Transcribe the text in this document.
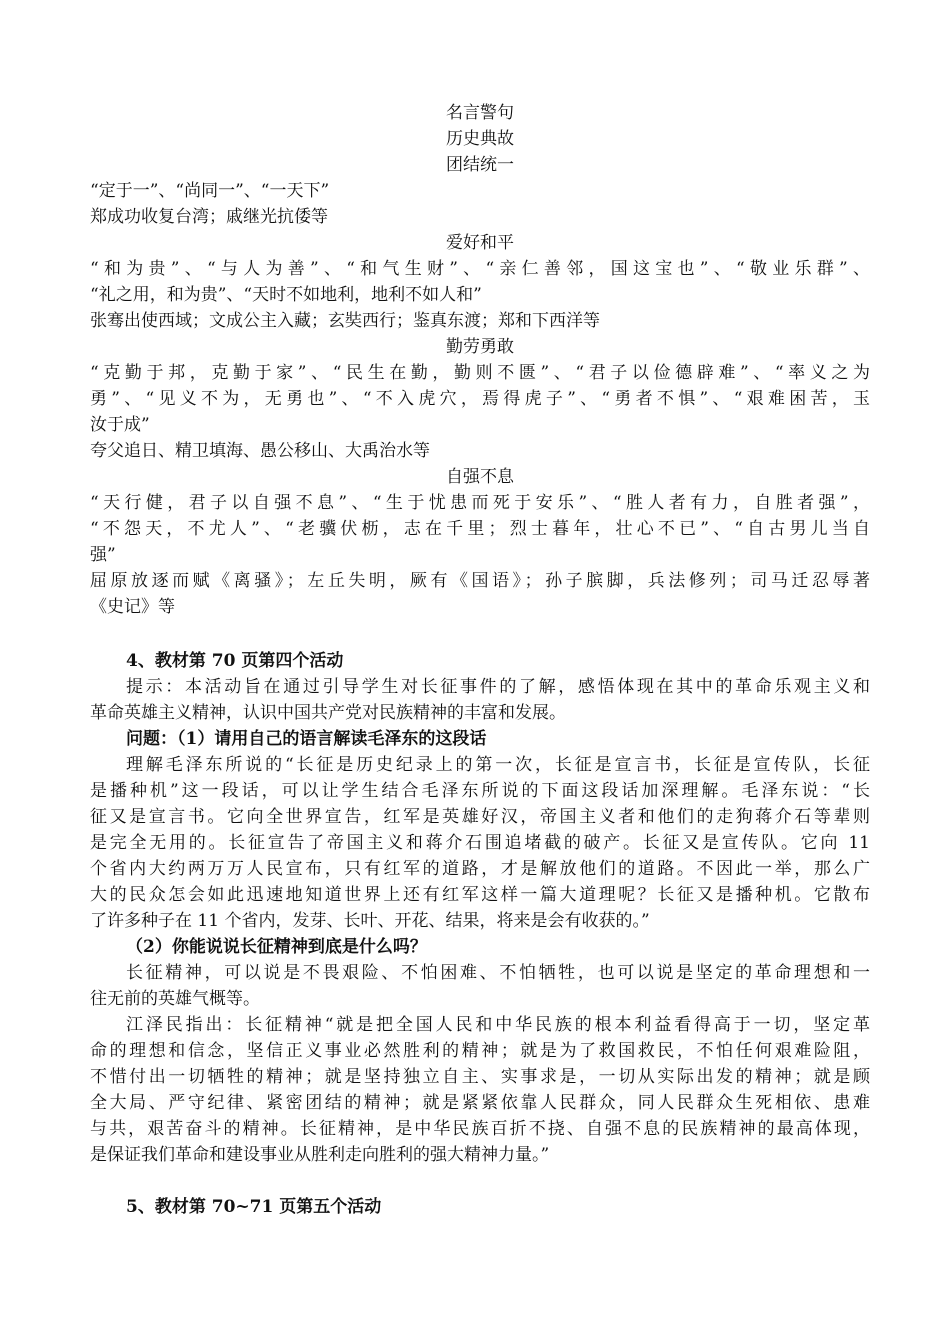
名言警句
历史典故
团结统一
“定于一”、“尚同一”、“一天下”
郑成功收复台湾；戚继光抗倭等
爱好和平
“和为贵”、“与人为善”、“和气生财”、“亲仁善邻，国这宝也”、“敬业乐群”、
“礼之用，和为贵”、“天时不如地利，地利不如人和”
张骞出使西域；文成公主入藏；玄奘西行；鉴真东渡；郑和下西洋等
勤劳勇敢
“克勤于邦，克勤于家”、“民生在勤，勤则不匮”、“君子以俭德辟难”、“率义之为
勇”、“见义不为，无勇也”、“不入虎穴，焉得虎子”、“勇者不惧”、“艰难困苦，玉
汝于成”
夸父追日、精卫填海、愚公移山、大禹治水等
自强不息
“天行健，君子以自强不息”、“生于忧患而死于安乐”、“胜人者有力，自胜者强”，
“不怨天，不尤人”、“老骥伏枥，志在千里；烈士暮年，壮心不已”、“自古男儿当自
强”
屈原放逐而赋《离骚》；左丘失明，厥有《国语》；孙子膑脚，兵法修列；司马迁忍辱著
《史记》等
4、教材第 70 页第四个活动
提示：本活动旨在通过引导学生对长征事件的了解，感悟体现在其中的革命乐观主义和
革命英雄主义精神，认识中国共产党对民族精神的丰富和发展。
问题：（1）请用自己的语言解读毛泽东的这段话
理解毛泽东所说的“长征是历史纪录上的第一次，长征是宣言书，长征是宣传队，长征
是播种机”这一段话，可以让学生结合毛泽东所说的下面这段话加深理解。毛泽东说：“长
征又是宣言书。它向全世界宣告，红军是英雄好汉，帝国主义者和他们的走狗蒋介石等辈则
是完全无用的。长征宣告了帝国主义和蒋介石围追堵截的破产。长征又是宣传队。它向 11
个省内大约两万万人民宣布，只有红军的道路，才是解放他们的道路。不因此一举，那么广
大的民众怎会如此迅速地知道世界上还有红军这样一篇大道理呢？长征又是播种机。它散布
了许多种子在 11 个省内，发芽、长叶、开花、结果，将来是会有收获的。”
（2）你能说说长征精神到底是什么吗？
长征精神，可以说是不畏艰险、不怕困难、不怕牺牲，也可以说是坚定的革命理想和一
往无前的英雄气概等。
江泽民指出：长征精神“就是把全国人民和中华民族的根本利益看得高于一切，坚定革
命的理想和信念，坚信正义事业必然胜利的精神；就是为了救国救民，不怕任何艰难险阻，
不惜付出一切牺牲的精神；就是坚持独立自主、实事求是，一切从实际出发的精神；就是顾
全大局、严守纪律、紧密团结的精神；就是紧紧依靠人民群众，同人民群众生死相依、患难
与共，艰苦奋斗的精神。长征精神，是中华民族百折不挠、自强不息的民族精神的最高体现，
是保证我们革命和建设事业从胜利走向胜利的强大精神力量。”
5、教材第 70~71 页第五个活动
